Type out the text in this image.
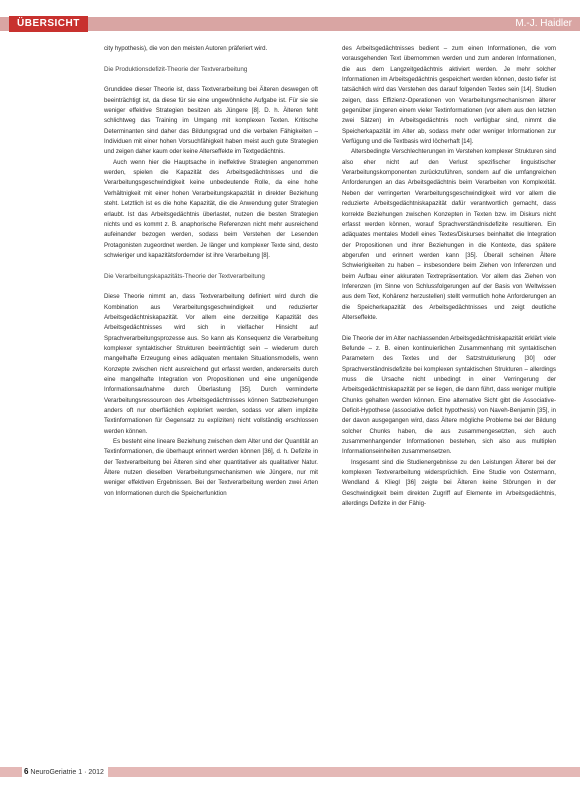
ÜBERSICHT	M.-J. Haidler

city hypothesis), die von den meisten Autoren präferiert wird.

Die Produktionsdefizit-Theorie der Textverarbeitung

Grundidee dieser Theorie ist, dass Textverarbeitung bei Älteren deswegen oft beeinträchtigt ist, da diese für sie eine ungewöhnliche Aufgabe ist. Für sie sie weniger effektive Strategien besitzen als Jüngere [8]. D. h. Älteren fehlt schlichtweg das Training im Umgang mit komplexen Texten. Kritische Determinanten sind daher das Bildungsgrad und die verbalen Fähigkeiten – Individuen mit einer hohen Vorsuchfähigkeit haben meist auch gute Strategien und zeigen daher kaum oder keine Alterseffekte im Textgedächtnis.

Auch wenn hier die Hauptsache in ineffektive Strategien angenommen werden, spielen die Kapazität des Arbeitsgedächtnisses und die Verarbeitungsgeschwindigkeit keine unbedeutende Rolle, da eine hohe Verhältnigkeit mit einer hohen Verarbeitungskapazität in direkter Beziehung steht. Letztlich ist es die hohe Kapazität, die die Anwendung guter Strategien erlaubt. Ist das Arbeitsgedächtnis überlastet, nutzen die besten Strategien nichts und es kommt z. B. anaphorische Referenzen nicht mehr ausreichend aufeinander bezogen werden, sodass beim Verstehen der Lesenden Protagonisten zugeordnet werden. Je länger und komplexer Texte sind, desto schwieriger und kapazitätsfordernder ist ihre Verarbeitung [8].

Die Verarbeitungskapazitäts-Theorie der Textverarbeitung

Diese Theorie nimmt an, dass Textverarbeitung definiert wird durch die Kombination aus Verarbeitungsgeschwindigkeit und reduzierter Arbeitsgedächtniskapazität. Vor allem eine derzeitige Kapazität des Arbeitsgedächtnisses wird sich in vielfacher Hinsicht auf Sprachverarbeitungsprozesse aus. So kann als Konsequenz die Verarbeitung komplexer syntaktischer Strukturen beeinträchtigt sein – wiederum durch mangelhafte Erzeugung eines adäquaten mentalen Situationsmodells, wenn Konzepte zwischen nicht ausreichend gut erfasst werden, andererseits durch eine mangelhafte Integration von Propositionen und eine ungenügende Informationsaufnahme durch Überlastung [35]. Durch verminderte Verarbeitungsressourcen des Arbeitsgedächtnisses können Satzbeziehungen anders oft nur oberflächlich exploriert werden, sodass vor allem implizite Textinformationen für Gegensatz zu expliziten) nicht vollständig erschlossen werden können.

Es besteht eine lineare Beziehung zwischen dem Alter und der Quantität an Textinformationen, die überhaupt erinnert werden können [36], d. h. Defizite in der Textverarbeitung bei Älteren sind eher quantitativer als qualitativer Natur. Ältere nutzen dieselben Verarbeitungsmechanismen wie Jüngere, nur mit weniger effektiven Ergebnissen. Bei der Textverarbeitung werden zwei Arten von Informationen durch die Speicherfunktion

des Arbeitsgedächtnisses bedient – zum einen Informationen, die vom vorausgehenden Text übernommen werden und zum anderen Informationen, die aus dem Langzeitgedächtnis aktiviert werden. Je mehr solcher Informationen im Arbeitsgedächtnis gespeichert werden können, desto tiefer ist tatsächlich wird das Verstehen des darauf folgenden Textes sein [14]. Studien zeigen, dass Effizienz-Operationen von Verarbeitungsmechanismen älterer gegenüber jüngeren einem vieler Textinformationen (vor allem aus den letzten zwei Sätzen) im Arbeitsgedächtnis noch verfügbar sind, nimmt die Speicherkapazität im Alter ab, sodass mehr oder weniger Informationen zur Verfügung und die Textbasis wird löcherhaft [14].

Altersbedingte Verschlechterungen im Verstehen komplexer Strukturen sind also eher nicht auf den Verlust spezifischer linguistischer Verarbeitungskomponenten zurückzuführen, sondern auf die umfangreichen Anforderungen an das Arbeitsgedächtnis beim Verarbeiten von Komplexität. Neben der verringerten Verarbeitungsgeschwindigkeit wird vor allem die reduzierte Arbeitsgedächtniskapazität dafür verantwortlich gemacht, dass korrekte Beziehungen zwischen Konzepten in Texten bzw. im Diskurs nicht erfasst werden können, worauf Sprachverständnisdefizite resultieren. Ein adäquates mentales Modell eines Textes/Diskurses beinhaltet die Integration der Propositionen und ihrer Beziehungen in die Kontexte, das spätere abgerufen und erinnert werden kann [35]. Überall scheinen Ältere Schwierigkeiten zu haben – insbesondere beim Ziehen von Inferenzen und beim Aufbau einer akkuraten Textrepräsentation. Vor allem das Ziehen von Inferenzen (im Sinne von Schlussfolgerungen auf der Basis von Weltwissen aus dem Text, Kohärenz herzustellen) stellt vermutlich hohe Anforderungen an die Speicherkapazität des Arbeitsgedächtnisses und zeigt deutliche Alterseffekte.

Die Theorie der im Alter nachlassenden Arbeitsgedächtniskapazität erklärt viele Befunde – z. B. einen kontinuierlichen Zusammenhang mit syntaktischen Parametern des Textes und der Satzstrukturierung [30] oder Sprachverständnisdefizite bei komplexen syntaktischen Strukturen – allerdings muss die Ursache nicht unbedingt in einer Verringerung der Arbeitsgedächtniskapazität per se liegen, die dann führt, dass weniger multiple Chunks gehalten werden können. Eine alternative Sicht gibt die Associative-Deficit-Hypothese (associative deficit hypothesis) von Naveh-Benjamin [35], in der davon ausgegangen wird, dass Ältere mögliche Probleme bei der Bildung solcher Chunks haben, die aus zusammengesetzten, sich auch zusammenhangender Informationen bestehen, sich also aus multiplen Informationseinheiten zusammensetzen.

Insgesamt sind die Studienergebnisse zu den Leistungen Älterer bei der komplexen Textverarbeitung widersprüchlich. Eine Studie von Ostermann, Wendland & Kliegl [36] zeigte bei Älteren keine Störungen in der Geschwindigkeit beim direkten Zugriff auf Elemente im Arbeitsgedächtnis, allerdings Defizite in der Fähig-

6 NeuroGeriatrie 1 · 2012
